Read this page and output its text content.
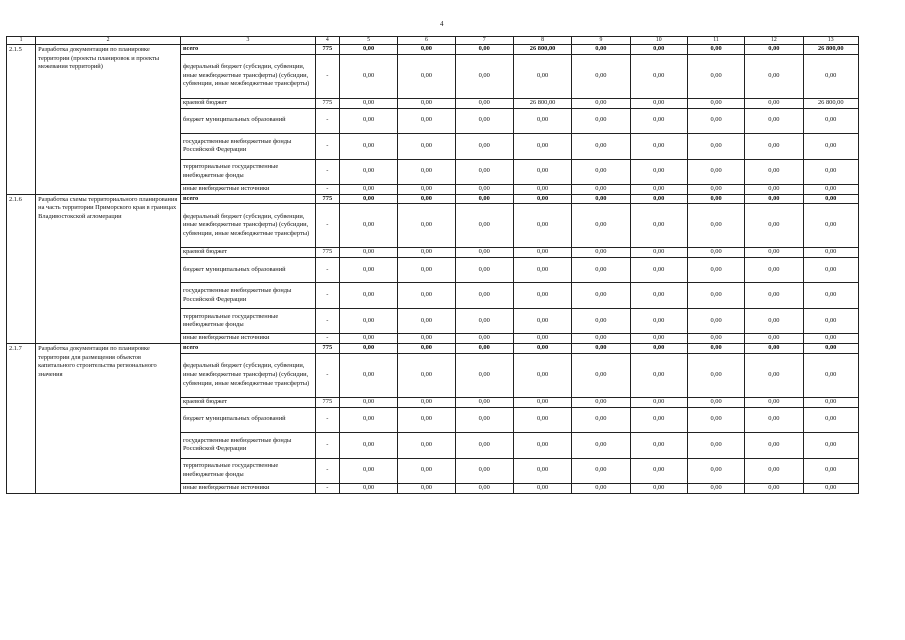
4
1	2	3	4	5	6	7	8	9	10	11	12	13
2.1.5	Разработка документации по планировке территории (проекты планировок и проекты межевания территорий)	всего	775	0,00	0,00	0,00	26 800,00	0,00	0,00	0,00	0,00	26 800,00
		федеральный бюджет (субсидии, субвенции, иные межбюджетные трансферты) (субсидии, субвенции, иные межбюджетные трансферты)	-	0,00	0,00	0,00	0,00	0,00	0,00	0,00	0,00	0,00
		краевой бюджет	775	0,00	0,00	0,00	26 800,00	0,00	0,00	0,00	0,00	26 800,00
		бюджет муниципальных образований	-	0,00	0,00	0,00	0,00	0,00	0,00	0,00	0,00	0,00
		государственные внебюджетные фонды Российской Федерации	-	0,00	0,00	0,00	0,00	0,00	0,00	0,00	0,00	0,00
		территориальные государственные внебюджетные фонды	-	0,00	0,00	0,00	0,00	0,00	0,00	0,00	0,00	0,00
		иные внебюджетные источники	-	0,00	0,00	0,00	0,00	0,00	0,00	0,00	0,00	0,00
2.1.6	Разработка схемы территориального планирования на часть территории Приморского края в границах Владивостокской агломерации	всего	775	0,00	0,00	0,00	0,00	0,00	0,00	0,00	0,00	0,00
		федеральный бюджет (субсидии, субвенции, иные межбюджетные трансферты) (субсидии, субвенции, иные межбюджетные трансферты)	-	0,00	0,00	0,00	0,00	0,00	0,00	0,00	0,00	0,00
		краевой бюджет	775	0,00	0,00	0,00	0,00	0,00	0,00	0,00	0,00	0,00
		бюджет муниципальных образований	-	0,00	0,00	0,00	0,00	0,00	0,00	0,00	0,00	0,00
		государственные внебюджетные фонды Российской Федерации	-	0,00	0,00	0,00	0,00	0,00	0,00	0,00	0,00	0,00
		территориальные государственные внебюджетные фонды	-	0,00	0,00	0,00	0,00	0,00	0,00	0,00	0,00	0,00
		иные внебюджетные источники	-	0,00	0,00	0,00	0,00	0,00	0,00	0,00	0,00	0,00
2.1.7	Разработка документации по планировке территории для размещения объектов капитального строительства регионального значения	всего	775	0,00	0,00	0,00	0,00	0,00	0,00	0,00	0,00	0,00
		федеральный бюджет (субсидии, субвенции, иные межбюджетные трансферты) (субсидии, субвенции, иные межбюджетные трансферты)	-	0,00	0,00	0,00	0,00	0,00	0,00	0,00	0,00	0,00
		краевой бюджет	775	0,00	0,00	0,00	0,00	0,00	0,00	0,00	0,00	0,00
		бюджет муниципальных образований	-	0,00	0,00	0,00	0,00	0,00	0,00	0,00	0,00	0,00
		государственные внебюджетные фонды Российской Федерации	-	0,00	0,00	0,00	0,00	0,00	0,00	0,00	0,00	0,00
		территориальные государственные внебюджетные фонды	-	0,00	0,00	0,00	0,00	0,00	0,00	0,00	0,00	0,00
		иные внебюджетные источники	-	0,00	0,00	0,00	0,00	0,00	0,00	0,00	0,00	0,00
